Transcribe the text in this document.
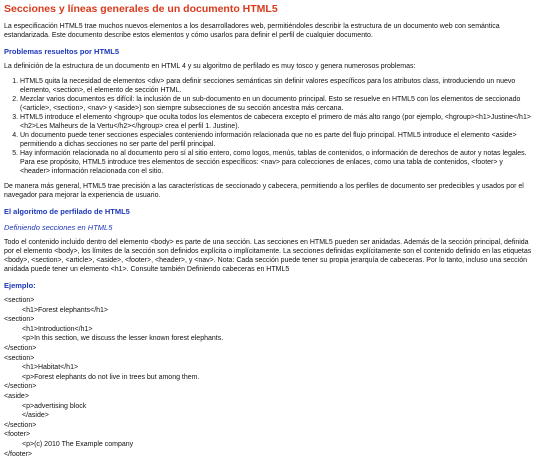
Secciones y líneas generales de un documento HTML5

La especificación HTML5 trae muchos nuevos elementos a los desarrolladores web, permitiéndoles describir la estructura de un documento web con semántica estandarizada. Este documento describe estos elementos y cómo usarlos para definir el perfil de cualquier documento.

Problemas resueltos por HTML5

La definición de la estructura de un documento en HTML 4 y su algoritmo de perfilado es muy tosco y genera numerosos problemas:

1. HTML5 quita la necesidad de elementos <div> para definir secciones semánticas sin definir valores específicos para los atributos class, introduciendo un nuevo elemento, <section>, el elemento de sección HTML.
2. Mezclar varios documentos es difícil: la inclusión de un sub-documento en un documento principal. Esto se resuelve en HTML5 con los elementos de seccionado (<article>, <section>, <nav> y <aside>) son siempre subsecciones de su sección ancestra más cercana.
3. HTML5 introduce el elemento <hgroup> que oculta todos los elementos de cabecera excepto el primero de más alto rango (por ejemplo, <hgroup><h1>Justine</h1><h2>Les Malheurs de la Vertu</h2></hgroup> crea el perfil 1. Justine).
4. Un documento puede tener secciones especiales conteniendo información relacionada que no es parte del flujo principal. HTML5 introduce el elemento <aside> permitiendo a dichas secciones no ser parte del perfil principal.
5. Hay información relacionada no al documento pero sí al sitio entero, como logos, menús, tablas de contenidos, o información de derechos de autor y notas legales. Para ese propósito, HTML5 introduce tres elementos de sección específicos: <nav> para colecciones de enlaces, como una tabla de contenidos, <footer> y <header> información relacionada con el sitio.

De manera más general, HTML5 trae precisión a las características de seccionado y cabecera, permitiendo a los perfiles de documento ser predecibles y usados por el navegador para mejorar la experiencia de usuario.

El algoritmo de perfilado de HTML5
Definiendo secciones en HTML5

Todo el contenido incluido dentro del elemento <body> es parte de una sección. Las secciones en HTML5 pueden ser anidadas. Además de la sección principal, definida por el elemento <body>, los límites de la sección son definidos explícita o implícitamente. La secciones definidas explícitamente son el contenido definido en las etiquetas <body>, <section>, <article>, <aside>, <footer>, <header>, y <nav>. Nota: Cada sección puede tener su propia jerarquía de cabeceras. Por lo tanto, incluso una sección anidada puede tener un elemento <h1>. Consulte también Definiendo cabeceras en HTML5

Ejemplo:
<section>
<h1>Forest elephants</h1>
<section>
<h1>Introduction</h1>
<p>In this section, we discuss the lesser known forest elephants.
</section>
<section>
<h1>Habitat</h1>
<p>Forest elephants do not live in trees but among them.
</section>
<aside>
<p>advertising block
</aside>
</section>
<footer>
<p>(c) 2010 The Example company
</footer>
